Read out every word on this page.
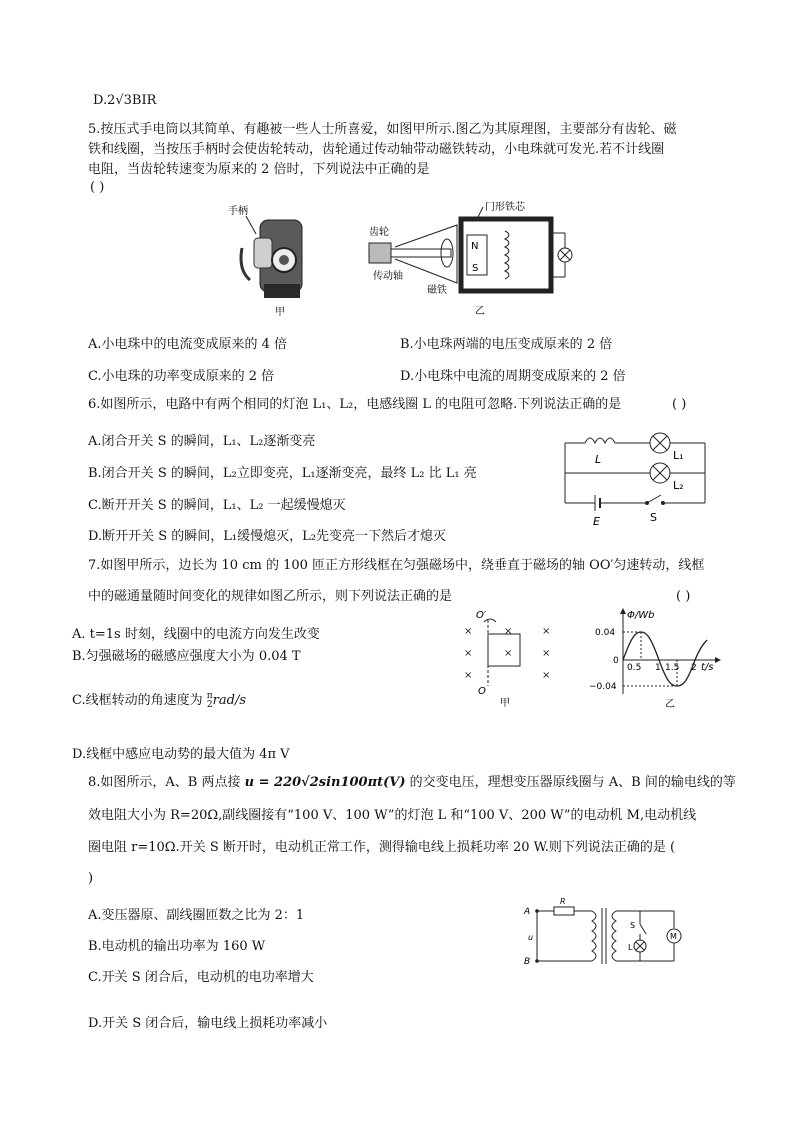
D.2√3BIR
5.按压式手电筒以其简单、有趣被一些人士所喜爱，如图甲所示.图乙为其原理图，主要部分有齿轮、磁
铁和线圈，当按压手柄时会使齿轮转动，齿轮通过传动轴带动磁铁转动，小电珠就可发光.若不计线圈
电阻，当齿轮转速变为原来的 2 倍时，下列说法中正确的是
( )
手柄
甲
冂形铁芯
齿轮
N
S
传动轴
磁铁
乙
A.小电珠中的电流变成原来的 4 倍	B.小电珠两端的电压变成原来的 2 倍
C.小电珠的功率变成原来的 2 倍	D.小电珠中电流的周期变成原来的 2 倍
6.如图所示，电路中有两个相同的灯泡 L₁、L₂，电感线圈 L 的电阻可忽略.下列说法正确的是	( )
A.闭合开关 S 的瞬间，L₁、L₂逐渐变亮
B.闭合开关 S 的瞬间，L₂立即变亮，L₁逐渐变亮，最终 L₂ 比 L₁ 亮
C.断开开关 S 的瞬间，L₁、L₂ 一起缓慢熄灭
D.断开开关 S 的瞬间，L₁缓慢熄灭，L₂先变亮一下然后才熄灭
L	L₁
L₂
E	S
7.如图甲所示，边长为 10 cm 的 100 匝正方形线框在匀强磁场中，绕垂直于磁场的轴 OO′匀速转动，线框
中的磁通量随时间变化的规律如图乙所示，则下列说法正确的是	( )
A. t=1s 时刻，线圈中的电流方向发生改变
B.匀强磁场的磁感应强度大小为 0.04 T
C.线框转动的角速度为 π
2 rad/s
D.线框中感应电动势的最大值为 4π V
×	×	×
×	×	×
×	×
O′
O
甲
Φ/Wb
t/s
0.04
0
−0.04
0.5 1 1.5 2
乙
8.如图所示，A、B 两点接 u = 220√2sin100πt(V) 的交变电压，理想变压器原线圈与 A、B 间的输电线的等
效电阻大小为 R=20Ω,副线圈接有“100 V、100 W”的灯泡 L 和“100 V、200 W”的电动机 M,电动机线
圈电阻 r=10Ω.开关 S 断开时，电动机正常工作，测得输电线上损耗功率 20 W.则下列说法正确的是 (
)
A.变压器原、副线圈匝数之比为 2：1
B.电动机的输出功率为 160 W
C.开关 S 闭合后，电动机的电功率增大
D.开关 S 闭合后，输电线上损耗功率减小
A
B
u
R
S
L
M
